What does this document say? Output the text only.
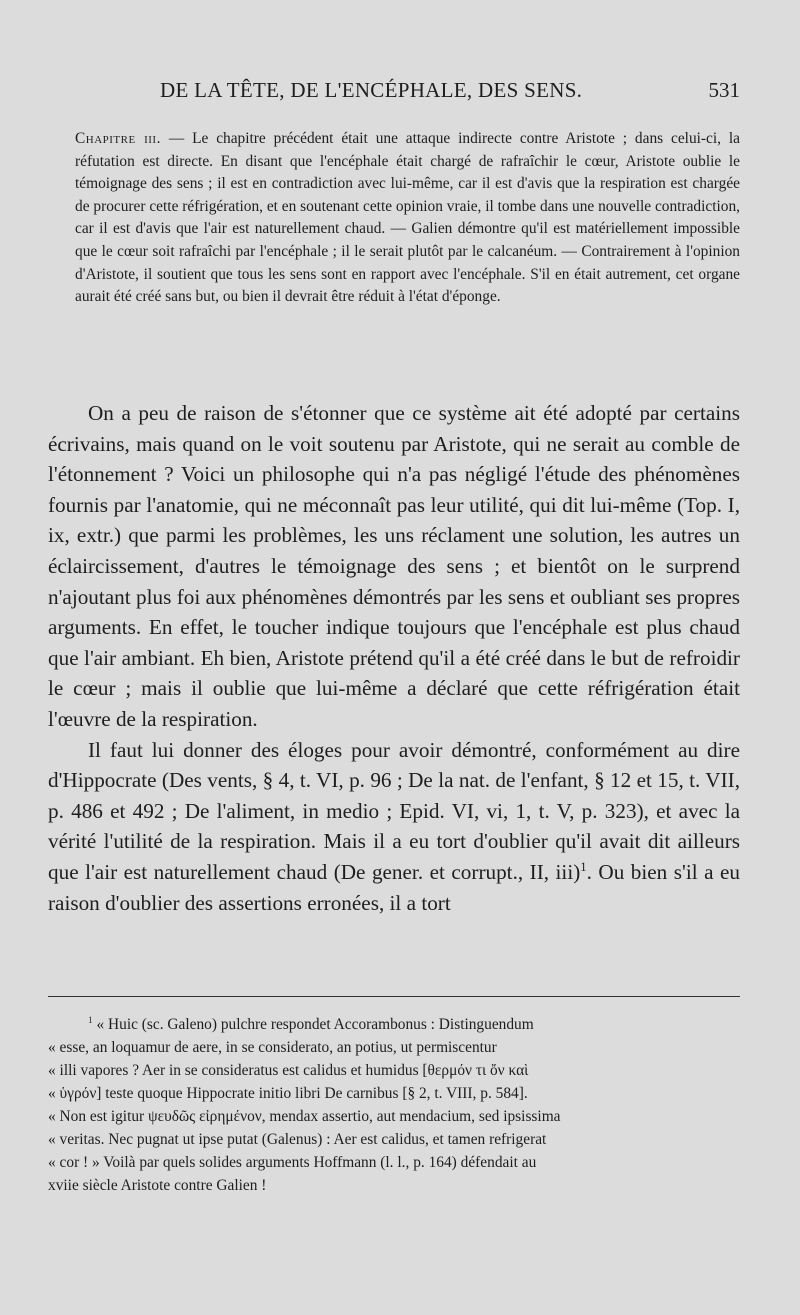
DE LA TÊTE, DE L'ENCÉPHALE, DES SENS.	531

Chapitre iii. — Le chapitre précédent était une attaque indirecte contre Aristote ; dans celui-ci, la réfutation est directe. En disant que l'encéphale était chargé de rafraîchir le cœur, Aristote oublie le témoignage des sens ; il est en contradiction avec lui-même, car il est d'avis que la respiration est chargée de procurer cette réfrigération, et en soutenant cette opinion vraie, il tombe dans une nouvelle contradiction, car il est d'avis que l'air est naturellement chaud. — Galien démontre qu'il est matériellement impossible que le cœur soit rafraîchi par l'encéphale ; il le serait plutôt par le calcanéum. — Contrairement à l'opinion d'Aristote, il soutient que tous les sens sont en rapport avec l'encéphale. S'il en était autrement, cet organe aurait été créé sans but, ou bien il devrait être réduit à l'état d'éponge.

On a peu de raison de s'étonner que ce système ait été adopté par certains écrivains, mais quand on le voit soutenu par Aristote, qui ne serait au comble de l'étonnement ? Voici un philosophe qui n'a pas négligé l'étude des phénomènes fournis par l'anatomie, qui ne méconnaît pas leur utilité, qui dit lui-même (Top. I, ix, extr.) que parmi les problèmes, les uns réclament une solution, les autres un éclaircissement, d'autres le témoignage des sens ; et bientôt on le surprend n'ajoutant plus foi aux phénomènes démontrés par les sens et oubliant ses propres arguments. En effet, le toucher indique toujours que l'encéphale est plus chaud que l'air ambiant. Eh bien, Aristote prétend qu'il a été créé dans le but de refroidir le cœur ; mais il oublie que lui-même a déclaré que cette réfrigération était l'œuvre de la respiration.

Il faut lui donner des éloges pour avoir démontré, conformément au dire d'Hippocrate (Des vents, § 4, t. VI, p. 96 ; De la nat. de l'enfant, § 12 et 15, t. VII, p. 486 et 492 ; De l'aliment, in medio ; Epid. VI, vi, 1, t. V, p. 323), et avec la vérité l'utilité de la respiration. Mais il a eu tort d'oublier qu'il avait dit ailleurs que l'air est naturellement chaud (De gener. et corrupt., II, iii)$^1$. Ou bien s'il a eu raison d'oublier des assertions erronées, il a tort

$^1$ « Huic (sc. Galeno) pulchre respondet Accorambonus : Distinguendum

« esse, an loquamur de aere, in se considerato, an potius, ut permiscentur

« illi vapores ? Aer in se consideratus est calidus et humidus [θερμόν τι ὄν καὶ

« ὑγρόν] teste quoque Hippocrate initio libri De carnibus [§ 2, t. VIII, p. 584].

« Non est igitur ψευδῶς εἰρημένον, mendax assertio, aut mendacium, sed ipsissima

« veritas. Nec pugnat ut ipse putat (Galenus) : Aer est calidus, et tamen refrigerat

« cor ! » Voilà par quels solides arguments Hoffmann (l. l., p. 164) défendait au

xviie siècle Aristote contre Galien !
